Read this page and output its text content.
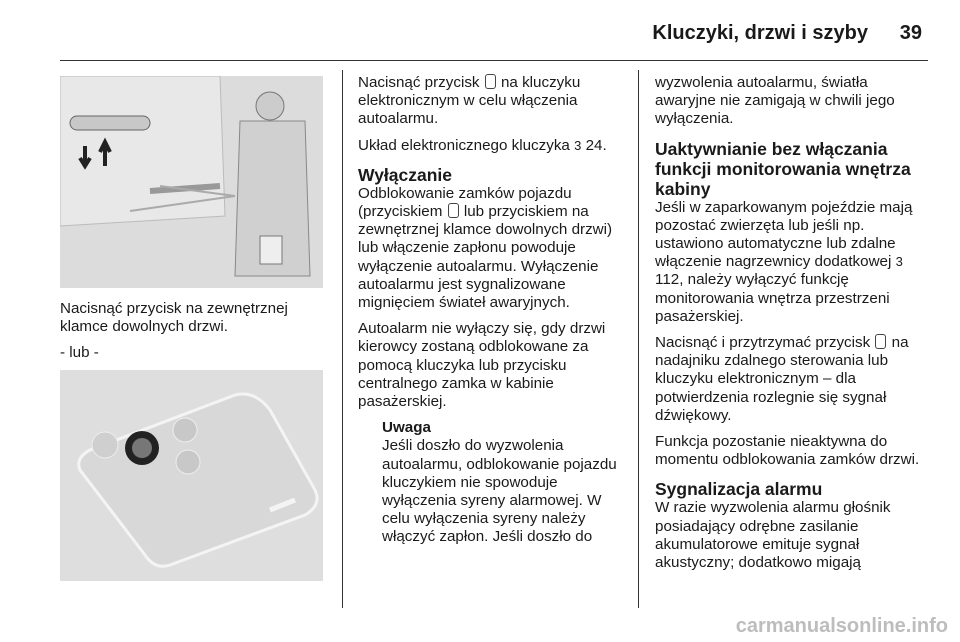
Kluczyki, drzwi i szyby 39

Nacisnąć przycisk na zewnętrznej klamce dowolnych drzwi.

- lub -

Nacisnąć przycisk  na kluczyku elektronicznym w celu włączenia autoalarmu.

Układ elektronicznego kluczyka 3 24.

Wyłączanie

Odblokowanie zamków pojazdu (przyciskiem  lub przyciskiem na zewnętrznej klamce dowolnych drzwi) lub włączenie zapłonu powoduje wyłączenie autoalarmu. Wyłączenie autoalarmu jest sygnalizowane mignięciem świateł awaryjnych.

Autoalarm nie wyłączy się, gdy drzwi kierowcy zostaną odblokowane za pomocą kluczyka lub przycisku centralnego zamka w kabinie pasażerskiej.

Uwaga
Jeśli doszło do wyzwolenia autoalarmu, odblokowanie pojazdu kluczykiem nie spowoduje wyłączenia syreny alarmowej. W celu wyłączenia syreny należy włączyć zapłon. Jeśli doszło do

wyzwolenia autoalarmu, światła awaryjne nie zamigają w chwili jego wyłączenia.

Uaktywnianie bez włączania funkcji monitorowania wnętrza kabiny

Jeśli w zaparkowanym pojeździe mają pozostać zwierzęta lub jeśli np. ustawiono automatyczne lub zdalne włączenie nagrzewnicy dodatkowej 3 112, należy wyłączyć funkcję monitorowania wnętrza przestrzeni pasażerskiej.

Nacisnąć i przytrzymać przycisk  na nadajniku zdalnego sterowania lub kluczyku elektronicznym – dla potwierdzenia rozlegnie się sygnał dźwiękowy.

Funkcja pozostanie nieaktywna do momentu odblokowania zamków drzwi.

Sygnalizacja alarmu

W razie wyzwolenia alarmu głośnik posiadający odrębne zasilanie akumulatorowe emituje sygnał akustyczny; dodatkowo migają

carmanualsonline.info
